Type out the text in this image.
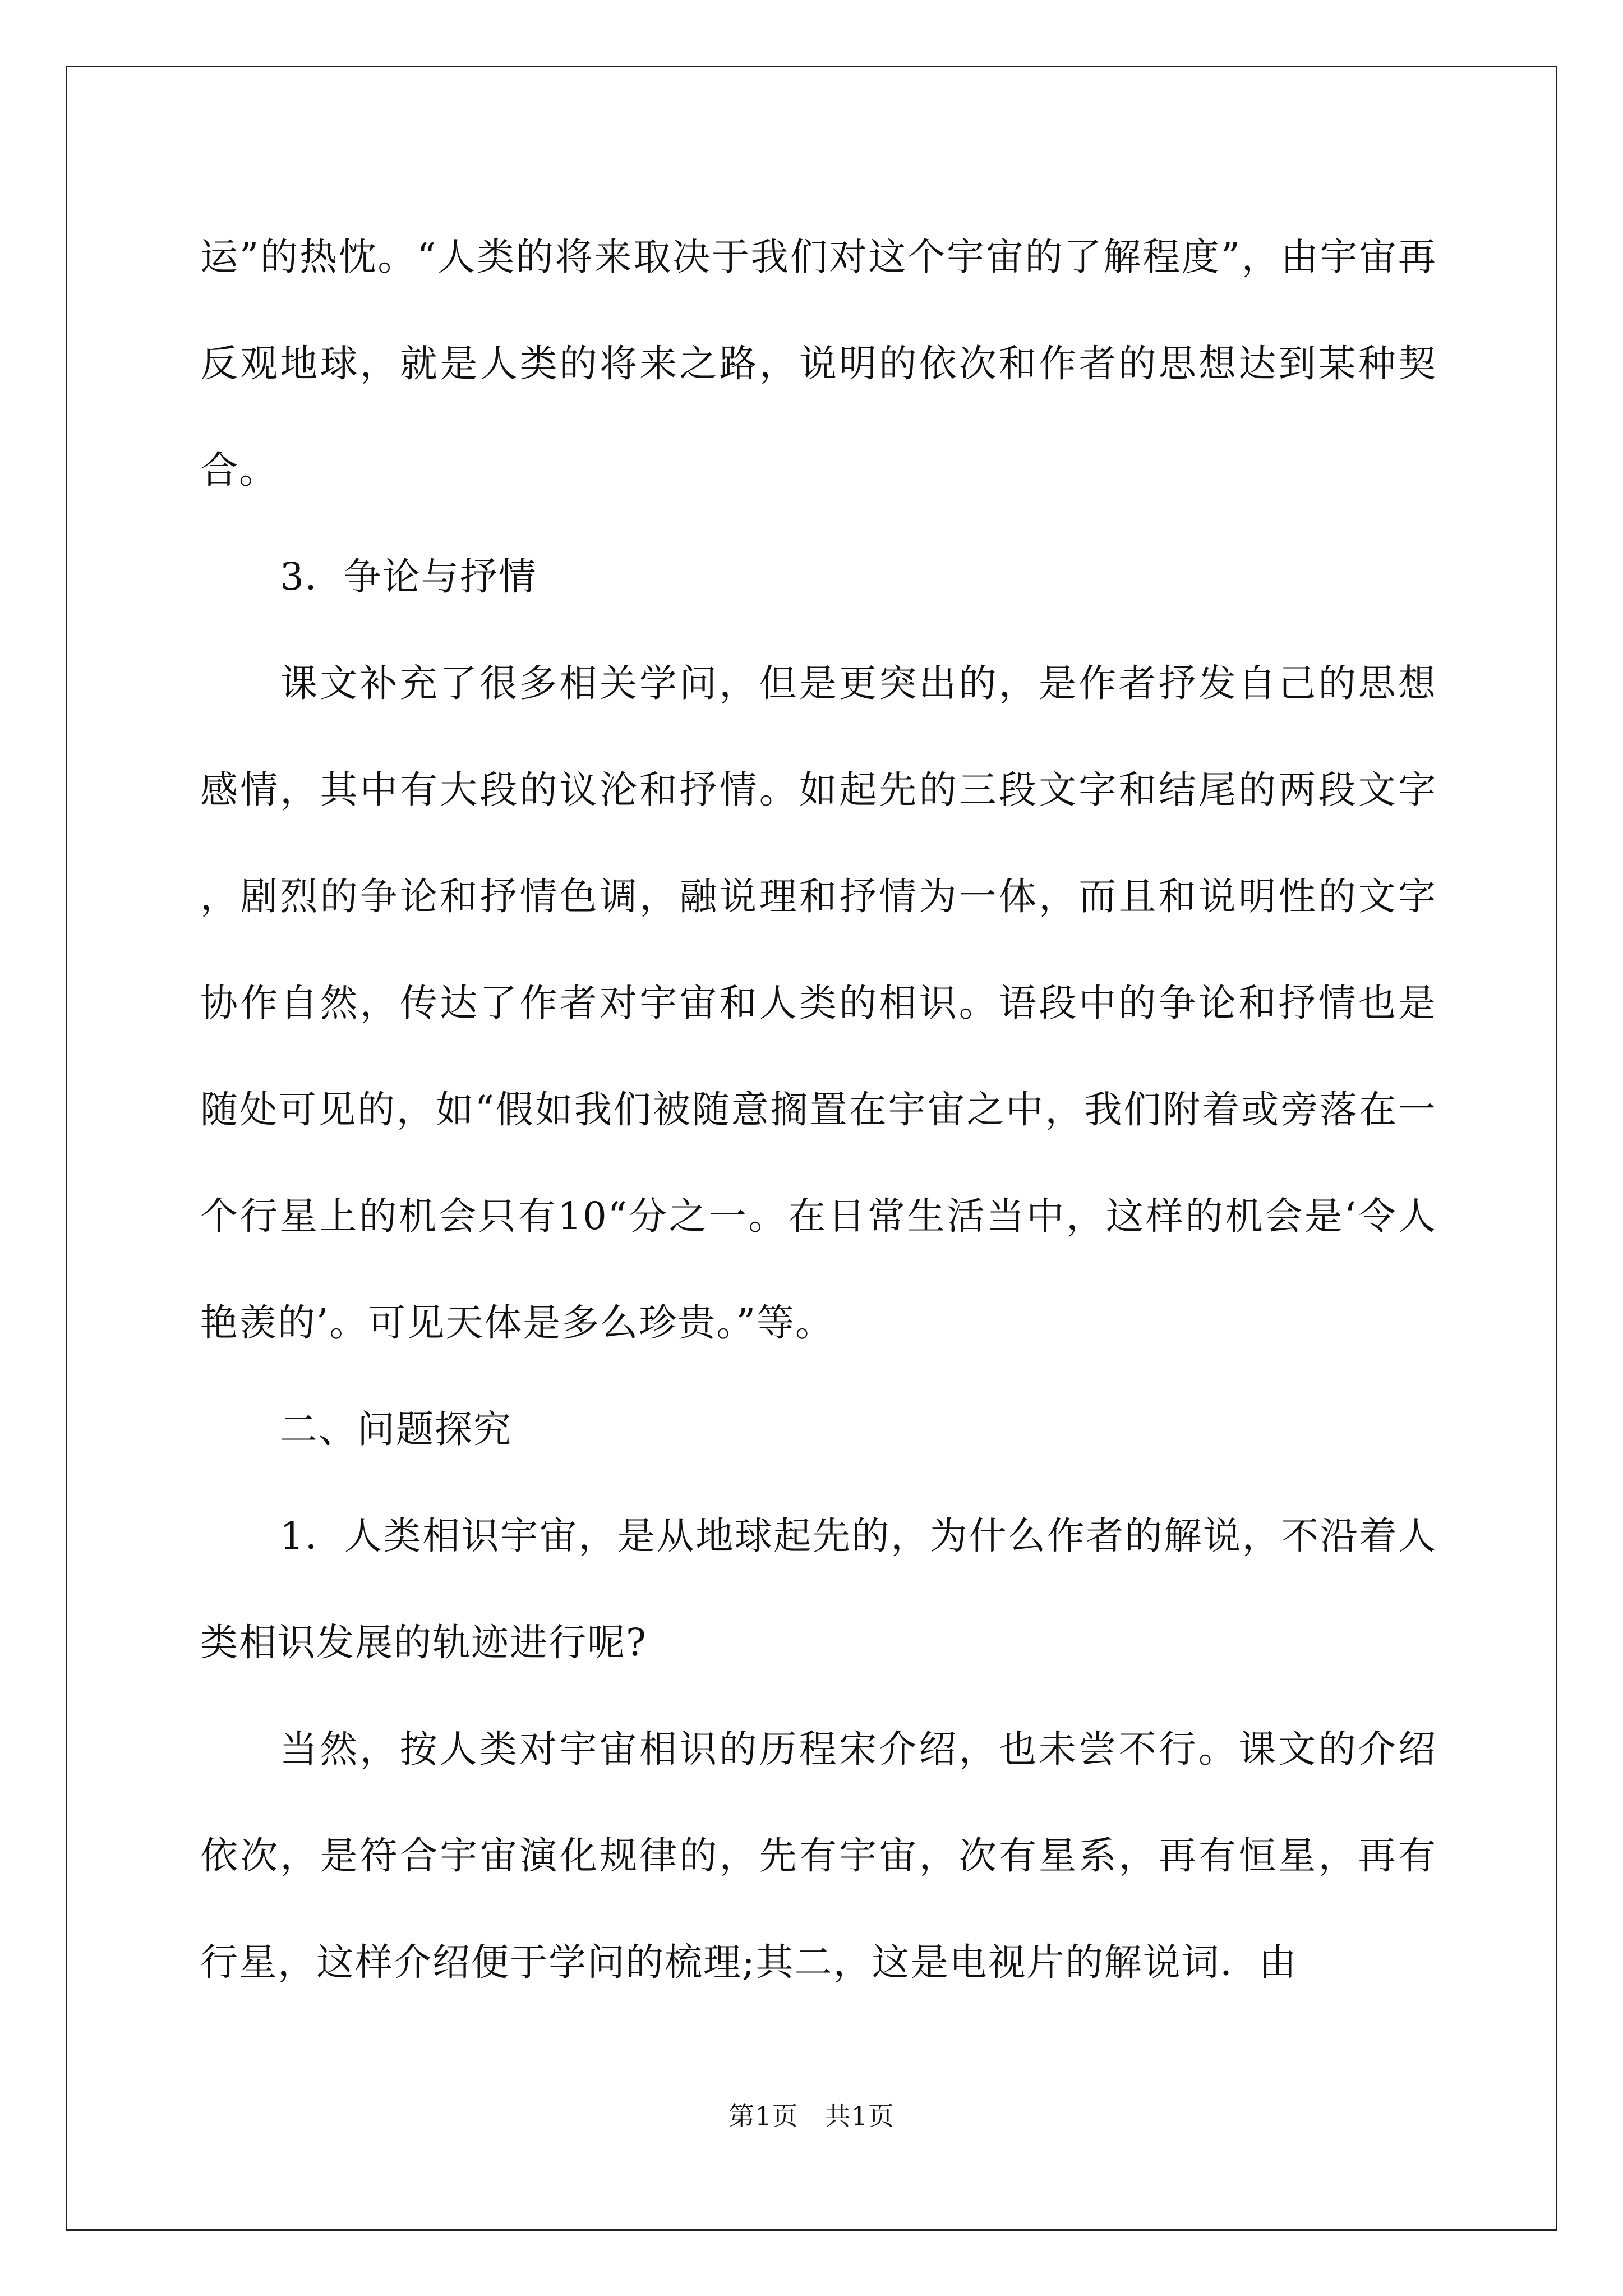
运”的热忱。“人类的将来取决于我们对这个宇宙的了解程度”，由宇宙再反观地球，就是人类的将来之路，说明的依次和作者的思想达到某种契合。

3．争论与抒情

课文补充了很多相关学问，但是更突出的，是作者抒发自己的思想感情，其中有大段的议沦和抒情。如起先的三段文字和结尾的两段文字，剧烈的争论和抒情色调，融说理和抒情为一体，而且和说明性的文字协作自然，传达了作者对宇宙和人类的相识。语段中的争论和抒情也是随处可见的，如“假如我们被随意搁置在宇宙之中，我们附着或旁落在一个行星上的机会只有10“分之一。在日常生活当中，这样的机会是‘令人艳羡的’。可见天体是多么珍贵。”等。

二、问题探究

1．人类相识宇宙，是从地球起先的，为什么作者的解说，不沿着人类相识发展的轨迹进行呢?

当然，按人类对宇宙相识的历程宋介绍，也未尝不行。课文的介绍依次，是符合宇宙演化规律的，先有宇宙，次有星系，再有恒星，再有行星，这样介绍便于学问的梳理;其二，这是电视片的解说词．由

第1页　共1页
